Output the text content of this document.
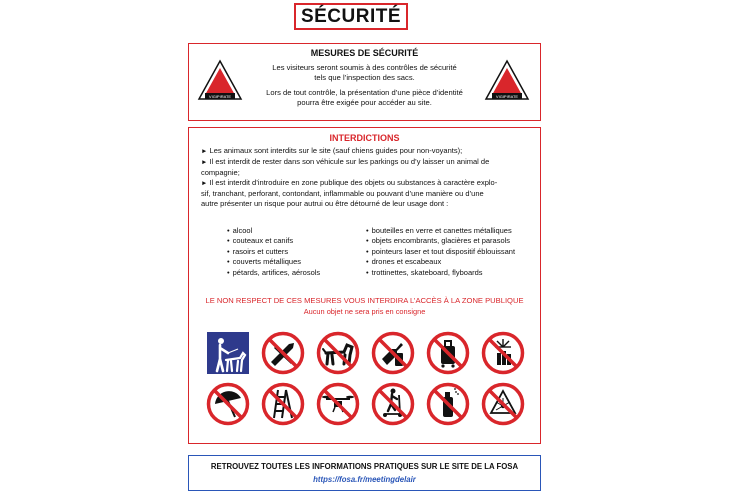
SÉCURITÉ
MESURES DE SÉCURITÉ
VIGIPIRATE	VIGIPIRATE
Les visiteurs seront soumis à des contrôles de sécurité
tels que l’inspection des sacs.
Lors de tout contrôle, la présentation d’une pièce d’identité
pourra être exigée pour accéder au site.
INTERDICTIONS
► Les animaux sont interdits sur le site (sauf chiens guides pour non-voyants);
► Il est interdit de rester dans son véhicule sur les parkings ou d’y laisser un animal de
compagnie;
► Il est interdit d’introduire en zone publique des objets ou substances à caractère explo-
sif, tranchant, perforant, contondant, inflammable ou pouvant d’une manière ou d’une
autre présenter un risque pour autrui ou être détourné de leur usage dont :
• alcool
• couteaux et canifs
• rasoirs et cutters
• couverts métalliques
• pétards, artifices, aérosols
• bouteilles en verre et canettes métalliques
• objets encombrants, glacières et parasols
• pointeurs laser et tout dispositif éblouissant
• drones et escabeaux
• trottinettes, skateboard, flyboards
LE NON RESPECT DE CES MESURES VOUS INTERDIRA L’ACCÈS À LA ZONE PUBLIQUE
Aucun objet ne sera pris en consigne
RETROUVEZ TOUTES LES INFORMATIONS PRATIQUES SUR LE SITE DE LA FOSA
https://fosa.fr/meetingdelair
